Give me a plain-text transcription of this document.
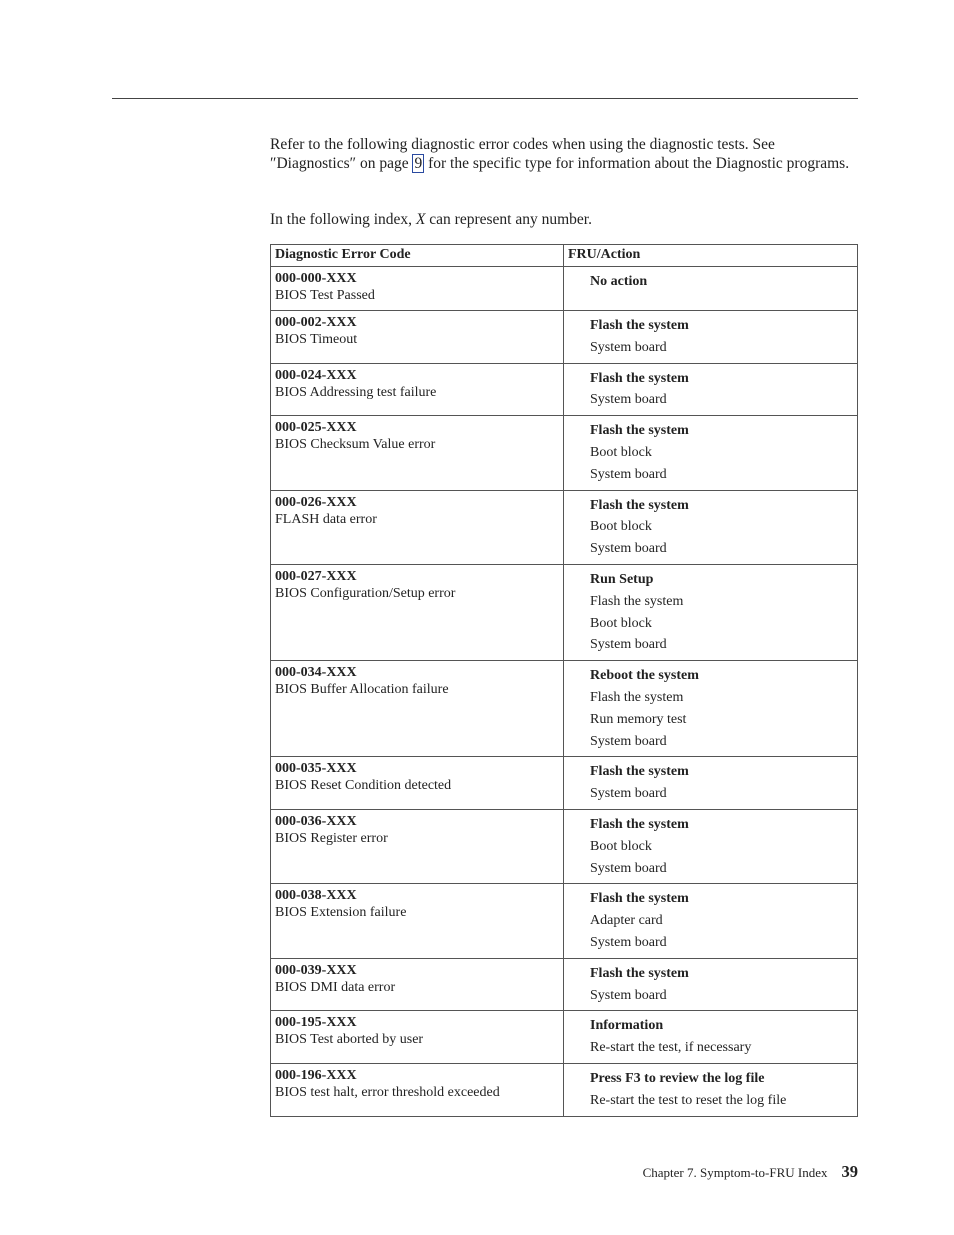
Refer to the following diagnostic error codes when using the diagnostic tests. See ″Diagnostics″ on page 9 for the specific type for information about the Diagnostic programs.

In the following index, X can represent any number.

Diagnostic Error Code	FRU/Action

000-000-XXX
BIOS Test Passed	No action

000-002-XXX
BIOS Timeout	Flash the system
System board

000-024-XXX
BIOS Addressing test failure	Flash the system
System board

000-025-XXX
BIOS Checksum Value error	Flash the system
Boot block
System board

000-026-XXX
FLASH data error	Flash the system
Boot block
System board

000-027-XXX
BIOS Configuration/Setup error	Run Setup
Flash the system
Boot block
System board

000-034-XXX
BIOS Buffer Allocation failure	Reboot the system
Flash the system
Run memory test
System board

000-035-XXX
BIOS Reset Condition detected	Flash the system
System board

000-036-XXX
BIOS Register error	Flash the system
Boot block
System board

000-038-XXX
BIOS Extension failure	Flash the system
Adapter card
System board

000-039-XXX
BIOS DMI data error	Flash the system
System board

000-195-XXX
BIOS Test aborted by user	Information
Re-start the test, if necessary

000-196-XXX
BIOS test halt, error threshold exceeded	Press F3 to review the log file
Re-start the test to reset the log file
Chapter 7. Symptom-to-FRU Index 39
